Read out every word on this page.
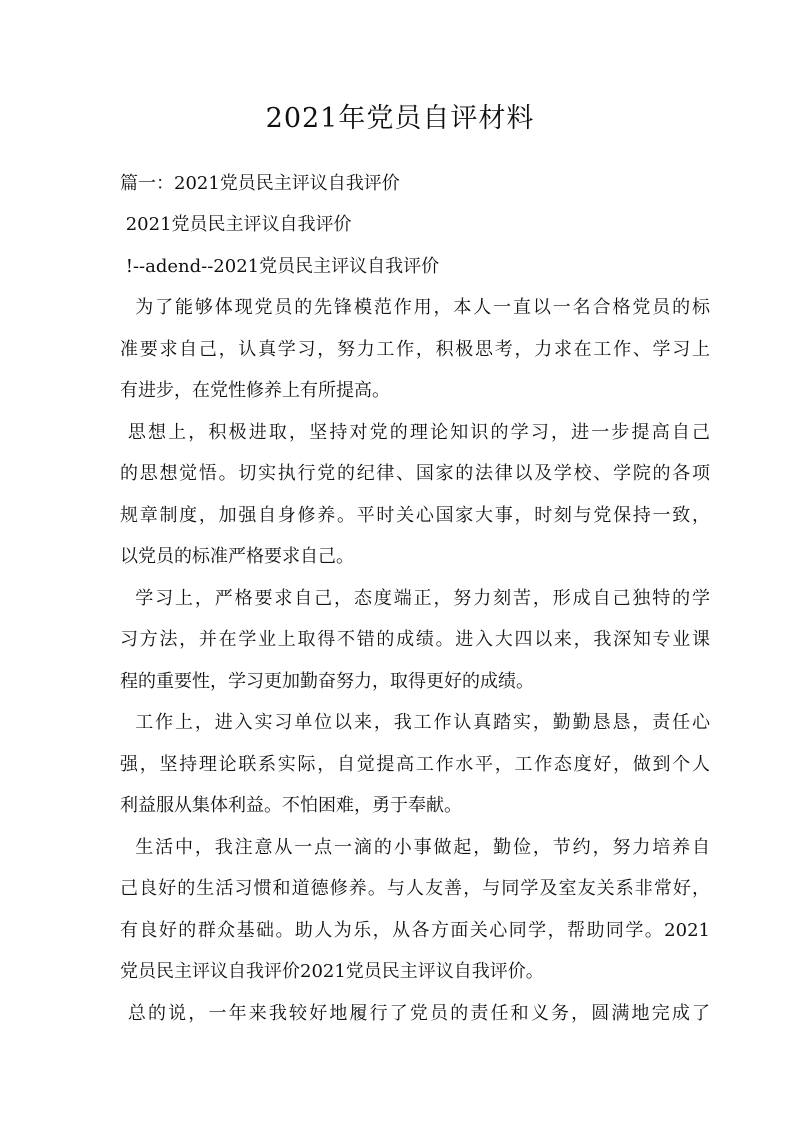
2021年党员自评材料

篇一：2021党员民主评议自我评价

2021党员民主评议自我评价

!--adend--2021党员民主评议自我评价

为了能够体现党员的先锋模范作用，本人一直以一名合格党员的标

准要求自己，认真学习，努力工作，积极思考，力求在工作、学习上

有进步，在党性修养上有所提高。

思想上，积极进取，坚持对党的理论知识的学习，进一步提高自己

的思想觉悟。切实执行党的纪律、国家的法律以及学校、学院的各项

规章制度，加强自身修养。平时关心国家大事，时刻与党保持一致，

以党员的标准严格要求自己。

学习上，严格要求自己，态度端正，努力刻苦，形成自己独特的学

习方法，并在学业上取得不错的成绩。进入大四以来，我深知专业课

程的重要性，学习更加勤奋努力，取得更好的成绩。

工作上，进入实习单位以来，我工作认真踏实，勤勤恳恳，责任心

强，坚持理论联系实际，自觉提高工作水平，工作态度好，做到个人

利益服从集体利益。不怕困难，勇于奉献。

生活中，我注意从一点一滴的小事做起，勤俭，节约，努力培养自

己良好的生活习惯和道德修养。与人友善，与同学及室友关系非常好，

有良好的群众基础。助人为乐，从各方面关心同学，帮助同学。2021

党员民主评议自我评价2021党员民主评议自我评价。

总的说，一年来我较好地履行了党员的责任和义务，圆满地完成了
